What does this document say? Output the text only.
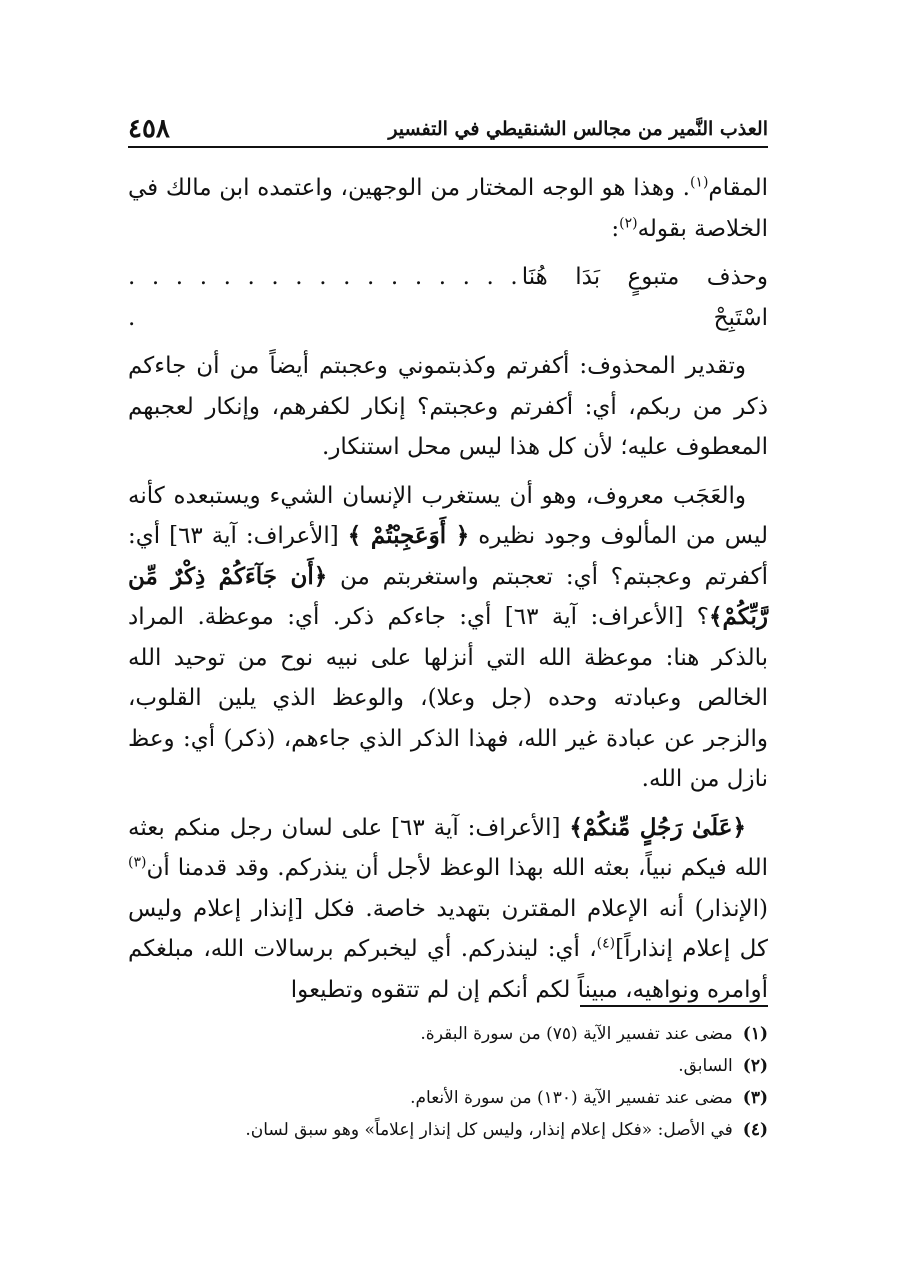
العذب النَّمير من مجالس الشنقيطي في التفسير
٤٥٨

المقام$^{(١)}$. وهذا هو الوجه المختار من الوجهين، واعتمده ابن مالك في الخلاصة بقوله$^{(٢)}$:

وحذف متبوعٍ بَدَا هُنَا اسْتَبِحْ
. . . . . . . . . . . . . . . . . .

وتقدير المحذوف: أكفرتم وكذبتموني وعجبتم أيضاً من أن جاءكم ذكر من ربكم، أي: أكفرتم وعجبتم؟ إنكار لكفرهم، وإنكار لعجبهم المعطوف عليه؛ لأن كل هذا ليس محل استنكار.

والعَجَب معروف، وهو أن يستغرب الإنسان الشيء ويستبعده كأنه ليس من المألوف وجود نظيره ﴿ أَوَعَجِبْتُمْ ﴾ [الأعراف: آية ٦٣] أي: أكفرتم وعجبتم؟ أي: تعجبتم واستغربتم من ﴿أَن جَآءَكُمْ ذِكْرٌ مِّن رَّبِّكُمْ﴾؟ [الأعراف: آية ٦٣] أي: جاءكم ذكر. أي: موعظة. المراد بالذكر هنا: موعظة الله التي أنزلها على نبيه نوح من توحيد الله الخالص وعبادته وحده (جل وعلا)، والوعظ الذي يلين القلوب، والزجر عن عبادة غير الله، فهذا الذكر الذي جاءهم، (ذكر) أي: وعظ نازل من الله.

﴿عَلَىٰ رَجُلٍ مِّنكُمْ﴾ [الأعراف: آية ٦٣] على لسان رجل منكم بعثه الله فيكم نبياً، بعثه الله بهذا الوعظ لأجل أن ينذركم. وقد قدمنا أن$^{(٣)}$ (الإنذار) أنه الإعلام المقترن بتهديد خاصة. فكل [إنذار إعلام وليس كل إعلام إنذاراً]$^{(٤)}$، أي: لينذركم. أي ليخبركم برسالات الله، مبلغكم أوامره ونواهيه، مبيناً لكم أنكم إن لم تتقوه وتطيعوا

(١)مضى عند تفسير الآية (٧٥) من سورة البقرة.
(٢)السابق.
(٣)مضى عند تفسير الآية (١٣٠) من سورة الأنعام.
(٤)في الأصل: «فكل إعلام إنذار، وليس كل إنذار إعلاماً» وهو سبق لسان.
